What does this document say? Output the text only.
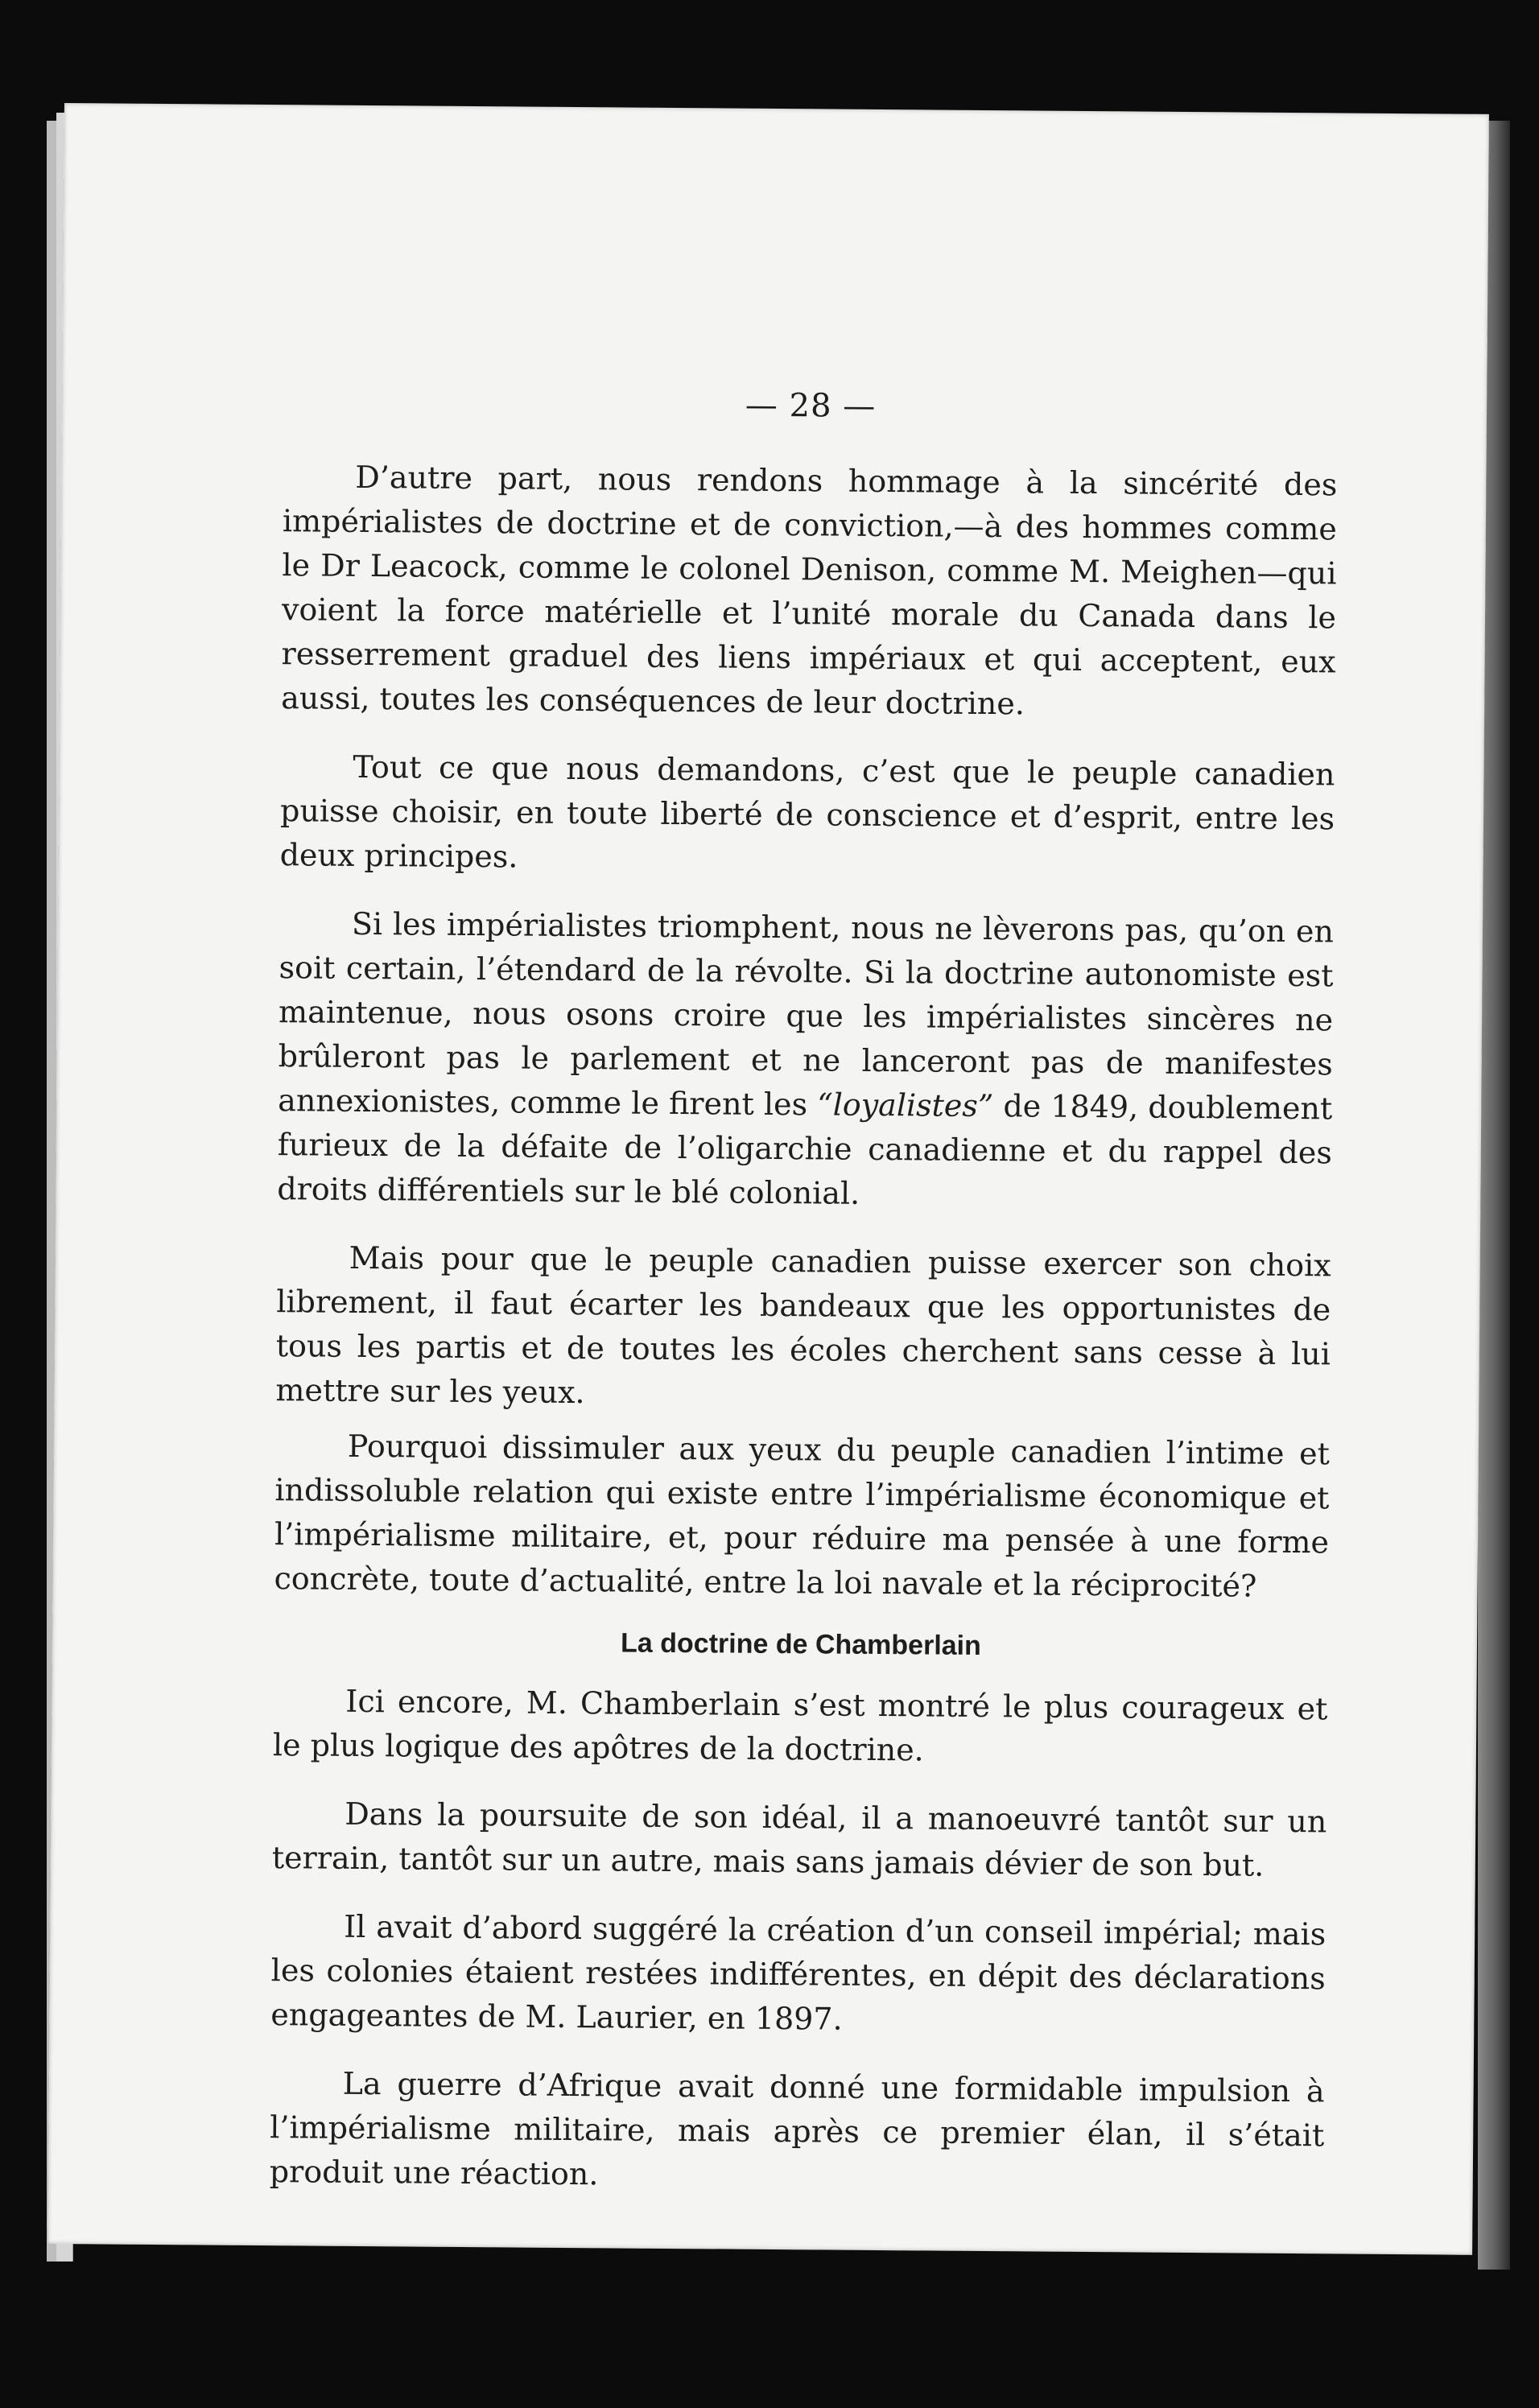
— 28 —

D’autre part, nous rendons hommage à la sincérité des impérialistes de doctrine et de conviction,—à des hommes comme le Dr Leacock, comme le colonel Denison, comme M. Meighen—qui voient la force matérielle et l’unité morale du Canada dans le resserrement graduel des liens impériaux et qui acceptent, eux aussi, toutes les conséquences de leur doctrine.

Tout ce que nous demandons, c’est que le peuple canadien puisse choisir, en toute liberté de conscience et d’esprit, entre les deux principes.

Si les impérialistes triomphent, nous ne lèverons pas, qu’on en soit certain, l’étendard de la révolte. Si la doctrine autonomiste est maintenue, nous osons croire que les impérialistes sincères ne brûleront pas le parlement et ne lanceront pas de manifestes annexionistes, comme le firent les “loyalistes” de 1849, doublement furieux de la défaite de l’oligarchie canadienne et du rappel des droits différentiels sur le blé colonial.

Mais pour que le peuple canadien puisse exercer son choix librement, il faut écarter les bandeaux que les opportunistes de tous les partis et de toutes les écoles cherchent sans cesse à lui mettre sur les yeux.

Pourquoi dissimuler aux yeux du peuple canadien l’intime et indissoluble relation qui existe entre l’impérialisme économique et l’impérialisme militaire, et, pour réduire ma pensée à une forme concrète, toute d’actualité, entre la loi navale et la réciprocité?

La doctrine de Chamberlain

Ici encore, M. Chamberlain s’est montré le plus courageux et le plus logique des apôtres de la doctrine.

Dans la poursuite de son idéal, il a manoeuvré tantôt sur un terrain, tantôt sur un autre, mais sans jamais dévier de son but.

Il avait d’abord suggéré la création d’un conseil impérial; mais les colonies étaient restées indifférentes, en dépit des déclarations engageantes de M. Laurier, en 1897.

La guerre d’Afrique avait donné une formidable impulsion à l’impérialisme militaire, mais après ce premier élan, il s’était produit une réaction.
